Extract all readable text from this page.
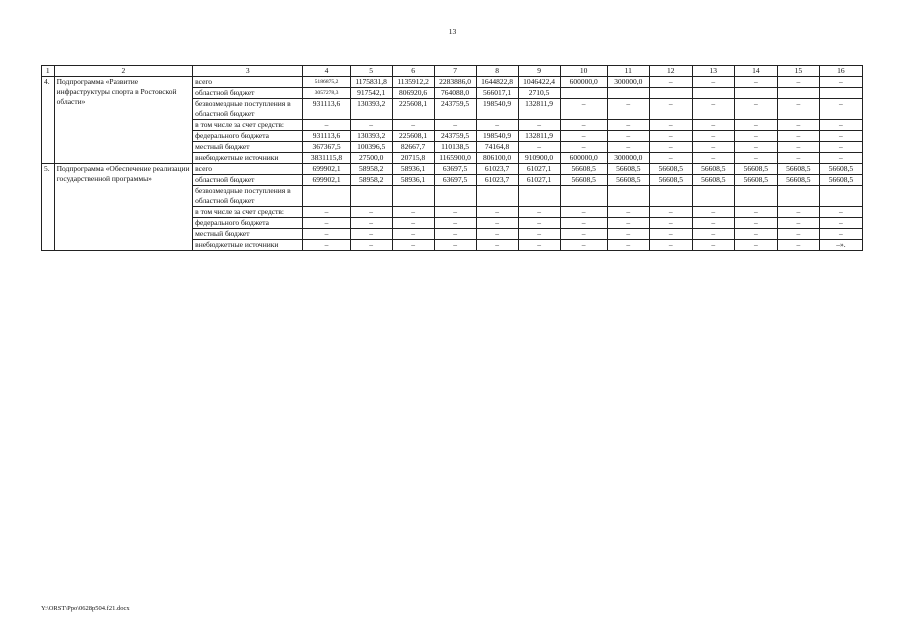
13
1	2	3	4	5	6	7	8	9	10	11	12	13	14	15	16
4.	Подпрограмма «Развитие инфраструктуры спорта в Ростовской области»	всего	5186875,2	1175831,8	1135912,2	2283886,0	1644822,8	1046422,4	600000,0	300000,0	–	–	–	–	–
		областной бюджет	3057278,3	917542,1	806920,6	764088,0	566017,1	2710,5							
		безвозмездные поступления в областной бюджет	931113,6	130393,2	225608,1	243759,5	198540,9	132811,9	–	–	–	–	–	–	–
		в том числе за счет средств:	–	–	–	–	–	–	–	–	–	–	–	–	–
		федерального бюджета	931113,6	130393,2	225608,1	243759,5	198540,9	132811,9	–	–	–	–	–	–	–
		местный бюджет	367367,5	100396,5	82667,7	110138,5	74164,8	–	–	–	–	–	–	–	–
		внебюджетные источники	3831115,8	27500,0	20715,8	1165900,0	806100,0	910900,0	600000,0	300000,0	–	–	–	–	–
5.	Подпрограмма «Обеспечение реализации государственной программы»	всего	699902,1	58958,2	58936,1	63697,5	61023,7	61027,1	56608,5	56608,5	56608,5	56608,5	56608,5	56608,5	56608,5
		областной бюджет	699902,1	58958,2	58936,1	63697,5	61023,7	61027,1	56608,5	56608,5	56608,5	56608,5	56608,5	56608,5	56608,5
		безвозмездные поступления в областной бюджет													
		в том числе за счет средств:	–	–	–	–	–	–	–	–	–	–	–	–	–
		федерального бюджета	–	–	–	–	–	–	–	–	–	–	–	–	–
		местный бюджет	–	–	–	–	–	–	–	–	–	–	–	–	–
		внебюджетные источники	–	–	–	–	–	–	–	–	–	–	–	–	–».
Y:\ORST\Ppo\0628p504.f21.docx
